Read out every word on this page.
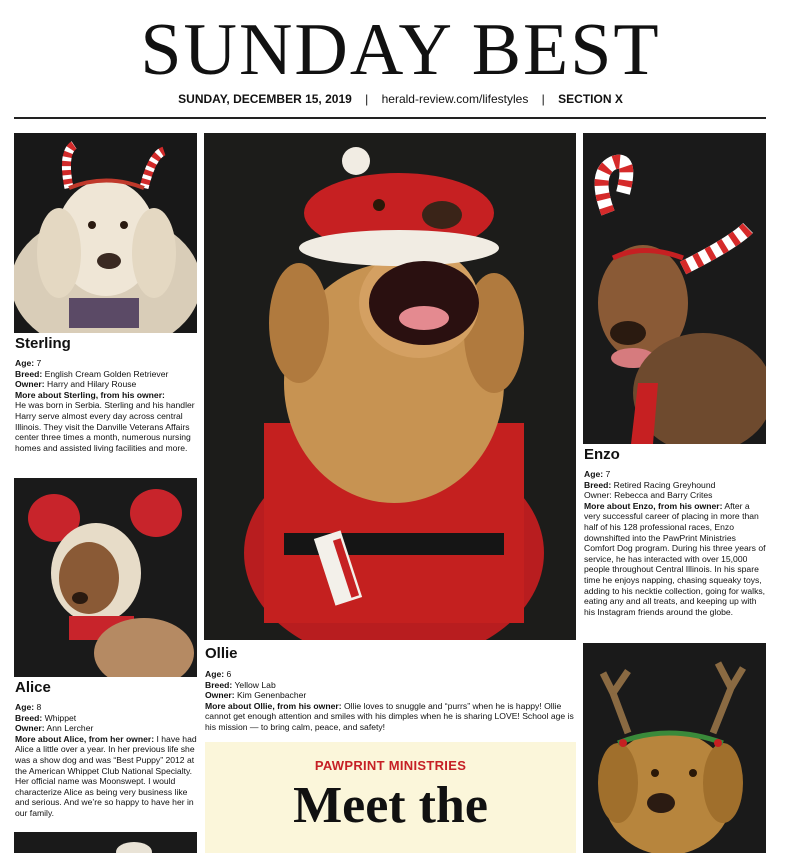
SUNDAY BEST
SUNDAY, DECEMBER 15, 2019 | herald-review.com/lifestyles | SECTION X
Sterling

Age: 7

Breed: English Cream Golden Retriever

Owner: Harry and Hilary Rouse

More about Sterling, from his owner:

He was born in Serbia. Sterling and his handler Harry serve almost every day across central Illinois. They visit the Danville Veterans Affairs center three times a month, numerous nursing homes and assisted living facilities and more.

Alice

Age: 8

Breed: Whippet

Owner: Ann Lercher

More about Alice, from her owner: I have had Alice a little over a year. In her previous life she was a show dog and was “Best Puppy” 2012 at the American Whippet Club National Specialty. Her official name was Moonswept. I would characterize Alice as being very business like and serious. And we’re so happy to have her in our family.

Ollie

Age: 6

Breed: Yellow Lab

Owner: Kim Genenbacher

More about Ollie, from his owner: Ollie loves to snuggle and “purrs” when he is happy! Ollie cannot get enough attention and smiles with his dimples when he is sharing LOVE! School age is his mission — to bring calm, peace, and safety!

PAWPRINT MINISTRIES
Meet the
Enzo

Age: 7

Breed: Retired Racing Greyhound

Owner: Rebecca and Barry Crites

More about Enzo, from his owner: After a very successful career of placing in more than half of his 128 professional races, Enzo downshifted into the PawPrint Ministries Comfort Dog program. During his three years of service, he has interacted with over 15,000 people throughout Central Illinois. In his spare time he enjoys napping, chasing squeaky toys, adding to his necktie collection, going for walks, eating any and all treats, and keeping up with his Instagram friends around the globe.
